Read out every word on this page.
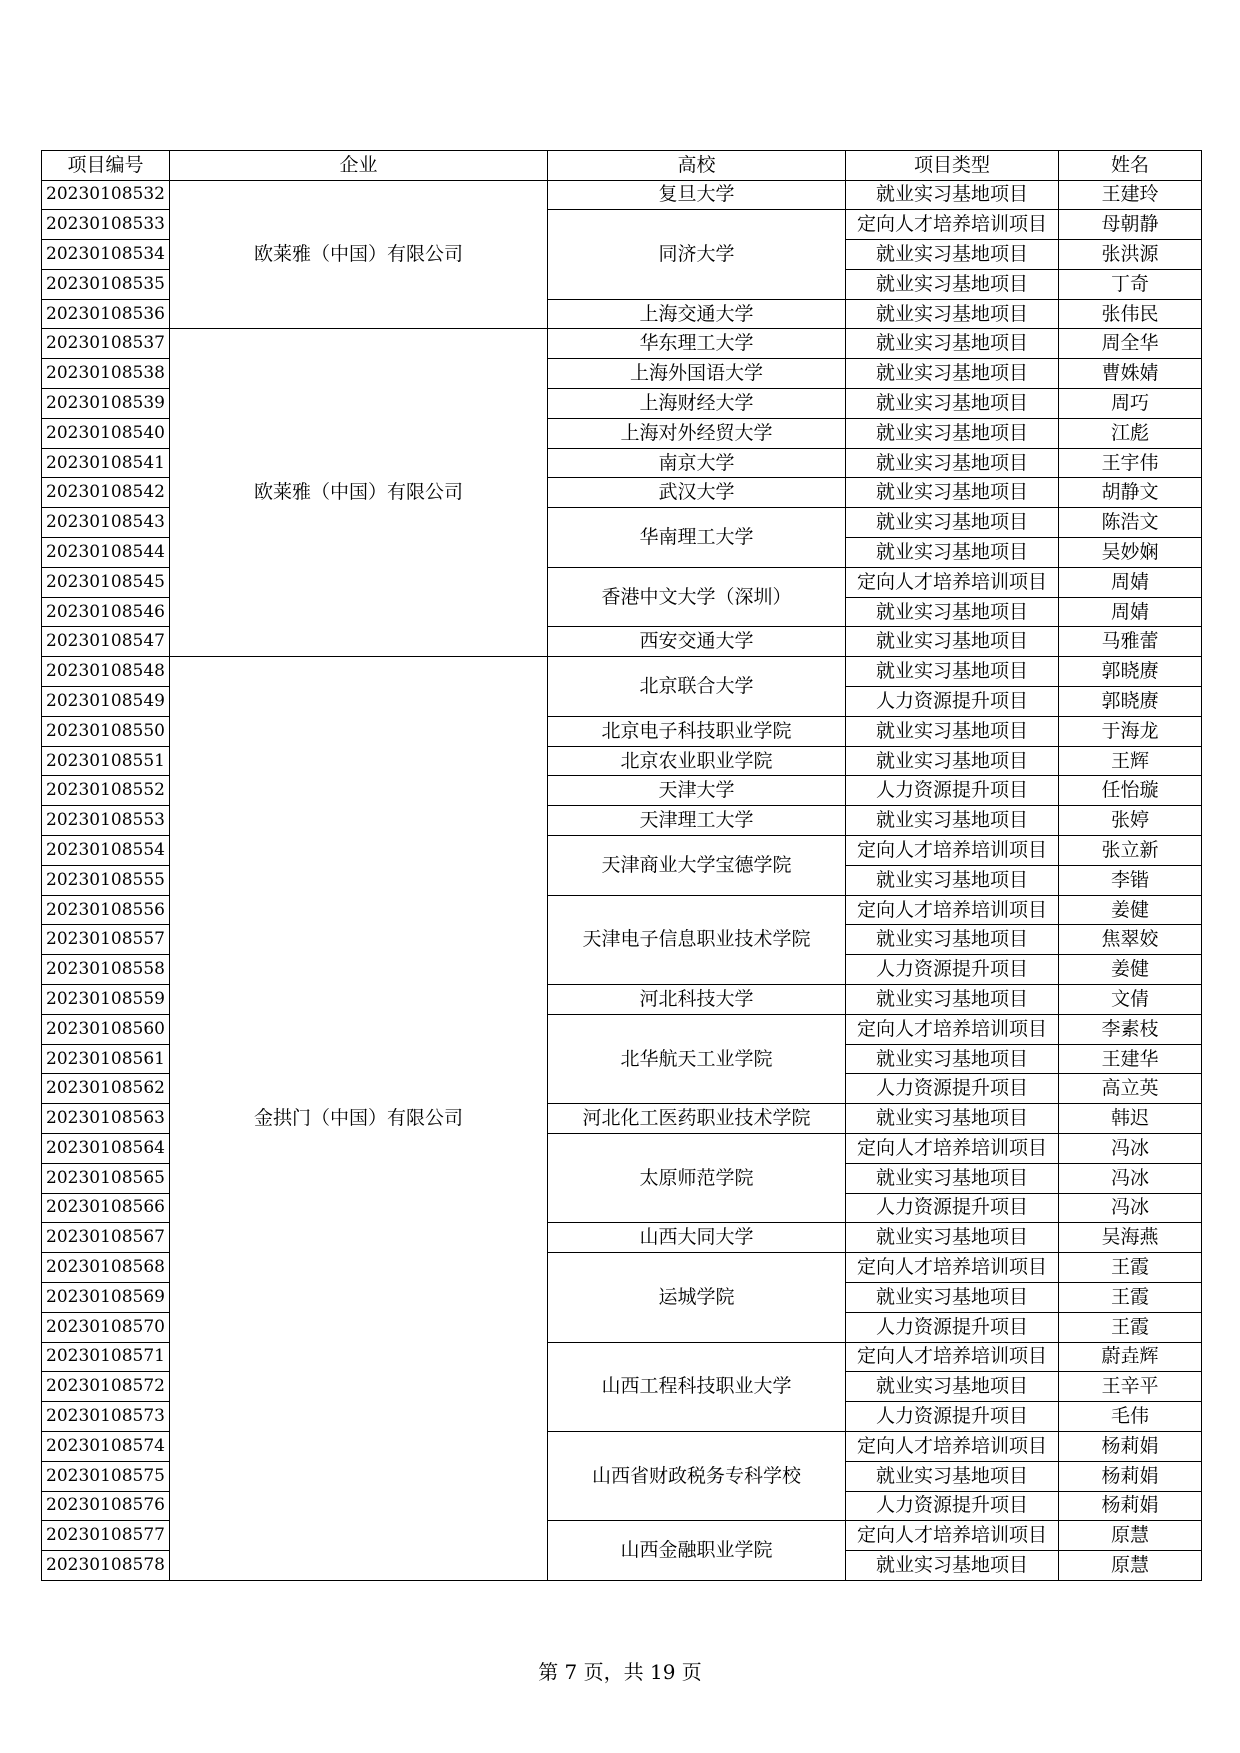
项目编号	企业	高校	项目类型	姓名
20230108532	欧莱雅（中国）有限公司	复旦大学	就业实习基地项目	王建玲
20230108533		同济大学	定向人才培养培训项目	母朝静
20230108534			就业实习基地项目	张洪源
20230108535			就业实习基地项目	丁奇
20230108536		上海交通大学	就业实习基地项目	张伟民
20230108537	欧莱雅（中国）有限公司	华东理工大学	就业实习基地项目	周全华
20230108538		上海外国语大学	就业实习基地项目	曹姝婧
20230108539		上海财经大学	就业实习基地项目	周巧
20230108540		上海对外经贸大学	就业实习基地项目	江彪
20230108541		南京大学	就业实习基地项目	王宇伟
20230108542		武汉大学	就业实习基地项目	胡静文
20230108543		华南理工大学	就业实习基地项目	陈浩文
20230108544			就业实习基地项目	吴妙娴
20230108545		香港中文大学（深圳）	定向人才培养培训项目	周婧
20230108546			就业实习基地项目	周婧
20230108547		西安交通大学	就业实习基地项目	马雅蕾
20230108548	金拱门（中国）有限公司	北京联合大学	就业实习基地项目	郭晓赓
20230108549			人力资源提升项目	郭晓赓
20230108550		北京电子科技职业学院	就业实习基地项目	于海龙
20230108551		北京农业职业学院	就业实习基地项目	王辉
20230108552		天津大学	人力资源提升项目	任怡璇
20230108553		天津理工大学	就业实习基地项目	张婷
20230108554		天津商业大学宝德学院	定向人才培养培训项目	张立新
20230108555			就业实习基地项目	李锴
20230108556		天津电子信息职业技术学院	定向人才培养培训项目	姜健
20230108557			就业实习基地项目	焦翠姣
20230108558			人力资源提升项目	姜健
20230108559		河北科技大学	就业实习基地项目	文倩
20230108560		北华航天工业学院	定向人才培养培训项目	李素枝
20230108561			就业实习基地项目	王建华
20230108562			人力资源提升项目	高立英
20230108563		河北化工医药职业技术学院	就业实习基地项目	韩迟
20230108564		太原师范学院	定向人才培养培训项目	冯冰
20230108565			就业实习基地项目	冯冰
20230108566			人力资源提升项目	冯冰
20230108567		山西大同大学	就业实习基地项目	吴海燕
20230108568		运城学院	定向人才培养培训项目	王霞
20230108569			就业实习基地项目	王霞
20230108570			人力资源提升项目	王霞
20230108571		山西工程科技职业大学	定向人才培养培训项目	蔚垚辉
20230108572			就业实习基地项目	王辛平
20230108573			人力资源提升项目	毛伟
20230108574		山西省财政税务专科学校	定向人才培养培训项目	杨莉娟
20230108575			就业实习基地项目	杨莉娟
20230108576			人力资源提升项目	杨莉娟
20230108577		山西金融职业学院	定向人才培养培训项目	原慧
20230108578			就业实习基地项目	原慧
第 7 页，共 19 页
